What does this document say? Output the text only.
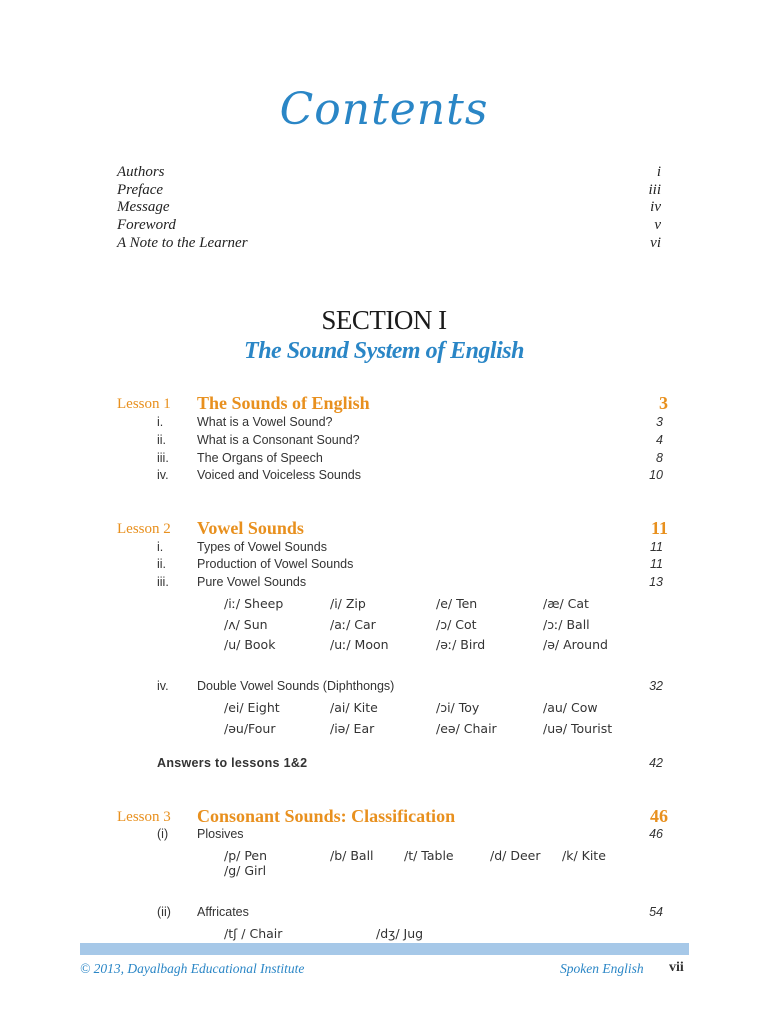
Contents
Authors	i
Preface	iii
Message	iv
Foreword	v
A Note to the Learner	vi
SECTION I
The Sound System of English
Lesson 1 The Sounds of English	3
i.	What is a Vowel Sound?	3
ii. What is a Consonant Sound?	4
iii. The Organs of Speech	8
iv. Voiced and Voiceless Sounds	10
Lesson 2 Vowel Sounds	11
i.	Types of Vowel Sounds	11
ii. Production of Vowel Sounds	11
iii. Pure Vowel Sounds	13
/iː/ Sheep	/i/ Zip	/e/ Ten	/æ/ Cat
/ʌ/ Sun	/aː/ Car	/ɔ/ Cot	/ɔː/ Ball
/u/ Book	/uː/ Moon	/əː/ Bird	/ə/ Around
iv. Double Vowel Sounds (Diphthongs)	32
/ei/ Eight	/ai/ Kite	/ɔi/ Toy	/au/ Cow
/əu/Four	/iə/ Ear	/eə/ Chair	/uə/ Tourist
Answers to lessons 1&2	42
Lesson 3 Consonant Sounds: Classification	46
(i) Plosives	46
/p/ Pen	/b/ Ball /t/ Table	/d/ Deer /k/ Kite
/g/ Girl
(ii) Affricates	54
/tʃ / Chair	/dʒ/ Jug
© 2013, Dayalbagh Educational Institute	Spoken English vii
